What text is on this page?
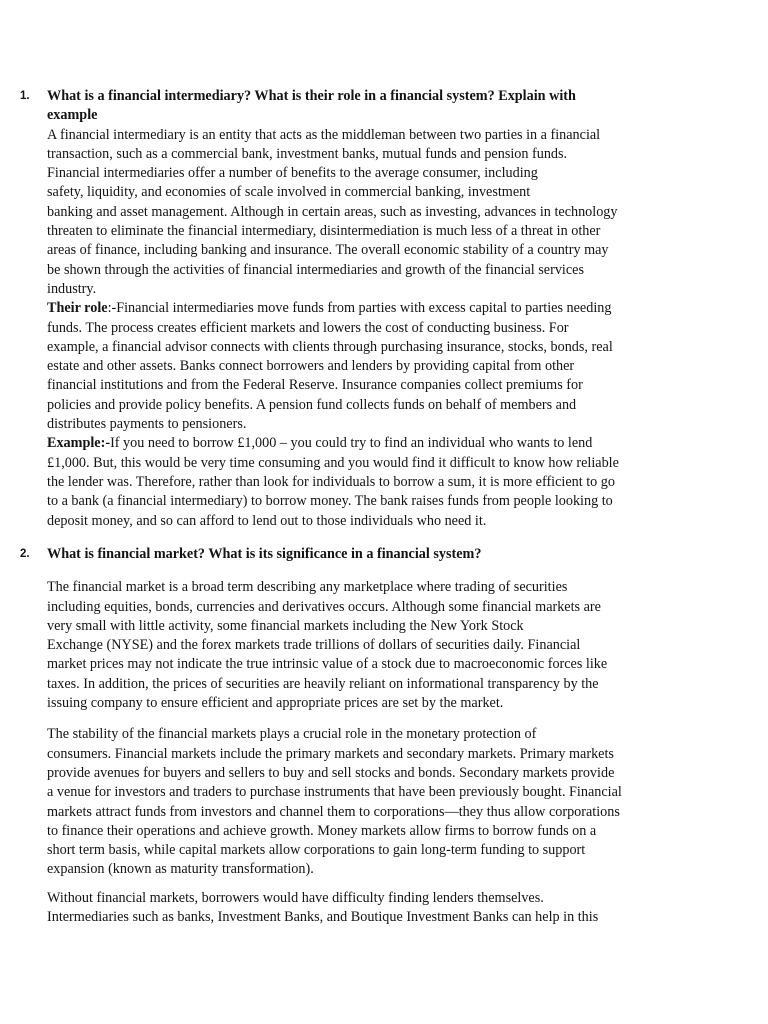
1. What is a financial intermediary? What is their role in a financial system? Explain with
example

A financial intermediary is an entity that acts as the middleman between two parties in a financial
transaction, such as a commercial bank, investment banks, mutual funds and pension funds.
Financial intermediaries offer a number of benefits to the average consumer, including
safety, liquidity, and economies of scale involved in commercial banking, investment
banking and asset management. Although in certain areas, such as investing, advances in technology
threaten to eliminate the financial intermediary, disintermediation is much less of a threat in other
areas of finance, including banking and insurance. The overall economic stability of a country may
be shown through the activities of financial intermediaries and growth of the financial services
industry.

Their role:-Financial intermediaries move funds from parties with excess capital to parties needing
funds. The process creates efficient markets and lowers the cost of conducting business. For
example, a financial advisor connects with clients through purchasing insurance, stocks, bonds, real
estate and other assets. Banks connect borrowers and lenders by providing capital from other
financial institutions and from the Federal Reserve. Insurance companies collect premiums for
policies and provide policy benefits. A pension fund collects funds on behalf of members and
distributes payments to pensioners.

Example:-If you need to borrow £1,000 – you could try to find an individual who wants to lend
£1,000. But, this would be very time consuming and you would find it difficult to know how reliable
the lender was. Therefore, rather than look for individuals to borrow a sum, it is more efficient to go
to a bank (a financial intermediary) to borrow money. The bank raises funds from people looking to
deposit money, and so can afford to lend out to those individuals who need it.

2. What is financial market? What is its significance in a financial system?

The financial market is a broad term describing any marketplace where trading of securities
including equities, bonds, currencies and derivatives occurs. Although some financial markets are
very small with little activity, some financial markets including the New York Stock
Exchange (NYSE) and the forex markets trade trillions of dollars of securities daily. Financial
market prices may not indicate the true intrinsic value of a stock due to macroeconomic forces like
taxes. In addition, the prices of securities are heavily reliant on informational transparency by the
issuing company to ensure efficient and appropriate prices are set by the market.

The stability of the financial markets plays a crucial role in the monetary protection of
consumers. Financial markets include the primary markets and secondary markets. Primary markets
provide avenues for buyers and sellers to buy and sell stocks and bonds. Secondary markets provide
a venue for investors and traders to purchase instruments that have been previously bought. Financial
markets attract funds from investors and channel them to corporations—they thus allow corporations
to finance their operations and achieve growth. Money markets allow firms to borrow funds on a
short term basis, while capital markets allow corporations to gain long-term funding to support
expansion (known as maturity transformation).

Without financial markets, borrowers would have difficulty finding lenders themselves.
Intermediaries such as banks, Investment Banks, and Boutique Investment Banks can help in this
